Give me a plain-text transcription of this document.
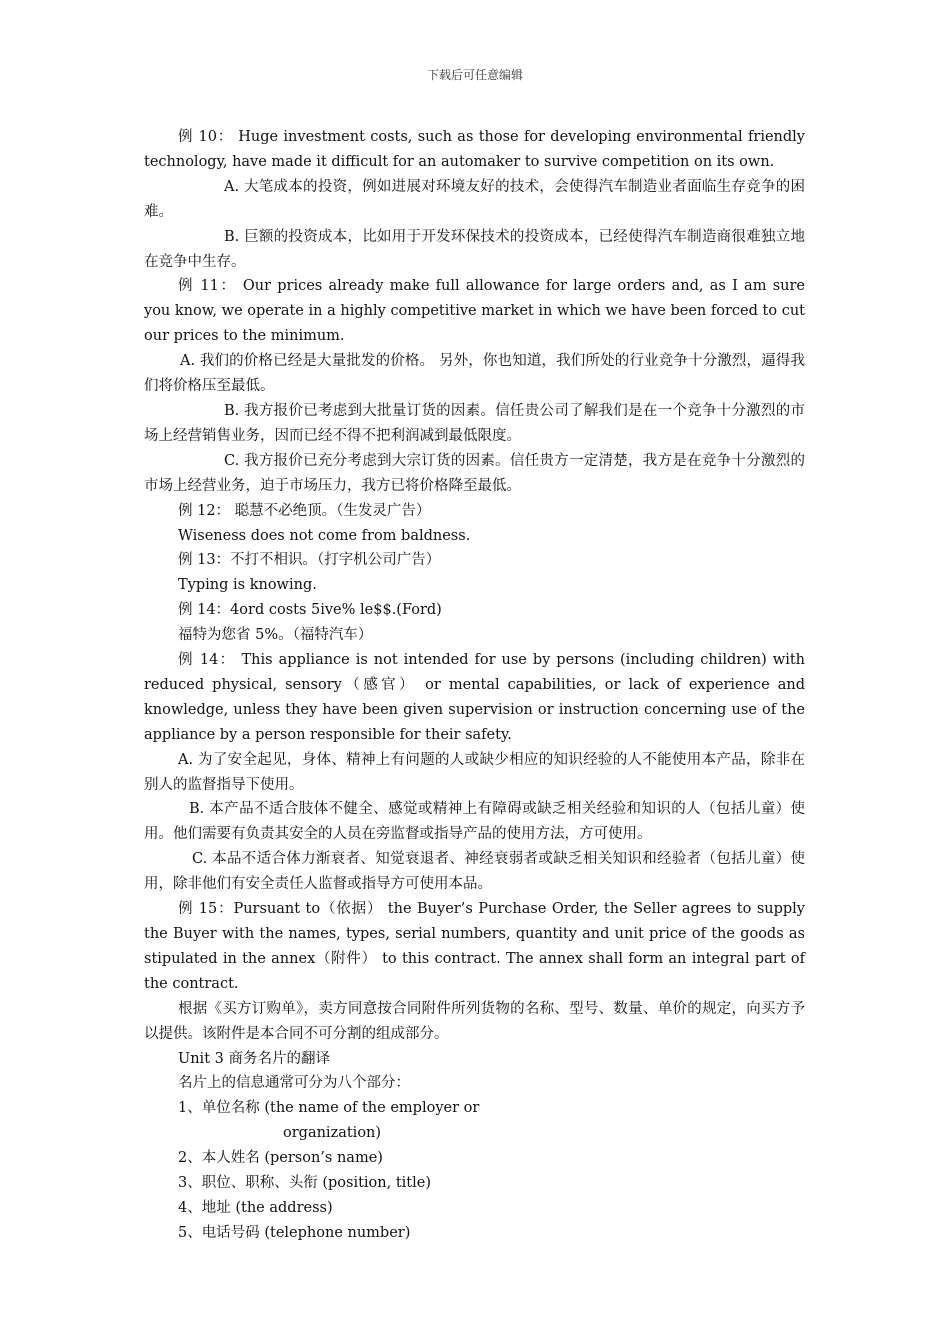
下载后可任意编辑

例 10： Huge investment costs, such as those for developing environmental friendly technology, have made it difficult for an automaker to survive competition on its own.

A. 大笔成本的投资，例如进展对环境友好的技术，会使得汽车制造业者面临生存竞争的困难。

B. 巨额的投资成本，比如用于开发环保技术的投资成本，已经使得汽车制造商很难独立地在竞争中生存。

例 11： Our prices already make full allowance for large orders and, as I am sure you know, we operate in a highly competitive market in which we have been forced to cut our prices to the minimum.

A. 我们的价格已经是大量批发的价格。 另外，你也知道，我们所处的行业竞争十分激烈，逼得我们将价格压至最低。

B. 我方报价已考虑到大批量订货的因素。信任贵公司了解我们是在一个竞争十分激烈的市场上经营销售业务，因而已经不得不把利润减到最低限度。

C. 我方报价已充分考虑到大宗订货的因素。信任贵方一定清楚，我方是在竞争十分激烈的市场上经营业务，迫于市场压力，我方已将价格降至最低。

例 12： 聪慧不必绝顶。（生发灵广告）

Wiseness does not come from baldness.

例 13：不打不相识。（打字机公司广告）

Typing is knowing.

例 14：4ord costs 5ive% le$$.(Ford)

福特为您省 5%。（福特汽车）

例 14： This appliance is not intended for use by persons (including children) with reduced physical, sensory（感官） or mental capabilities, or lack of experience and knowledge, unless they have been given supervision or instruction concerning use of the appliance by a person responsible for their safety.

A. 为了安全起见，身体、精神上有问题的人或缺少相应的知识经验的人不能使用本产品，除非在别人的监督指导下使用。

B. 本产品不适合肢体不健全、感觉或精神上有障碍或缺乏相关经验和知识的人（包括儿童）使用。他们需要有负责其安全的人员在旁监督或指导产品的使用方法，方可使用。

C. 本品不适合体力渐衰者、知觉衰退者、神经衰弱者或缺乏相关知识和经验者（包括儿童）使用，除非他们有安全责任人监督或指导方可使用本品。

例 15：Pursuant to（依据） the Buyer’s Purchase Order, the Seller agrees to supply the Buyer with the names, types, serial numbers, quantity and unit price of the goods as stipulated in the annex（附件） to this contract. The annex shall form an integral part of the contract.

根据《买方订购单》，卖方同意按合同附件所列货物的名称、型号、数量、单价的规定，向买方予以提供。该附件是本合同不可分割的组成部分。

Unit 3 商务名片的翻译

名片上的信息通常可分为八个部分：

1、 单位名称 (the name of the employer or
organization)
2、 本人姓名 (person’s name)
3、 职位、职称、头衔 (position, title)
4、 地址 (the address)
5、 电话号码 (telephone number)
